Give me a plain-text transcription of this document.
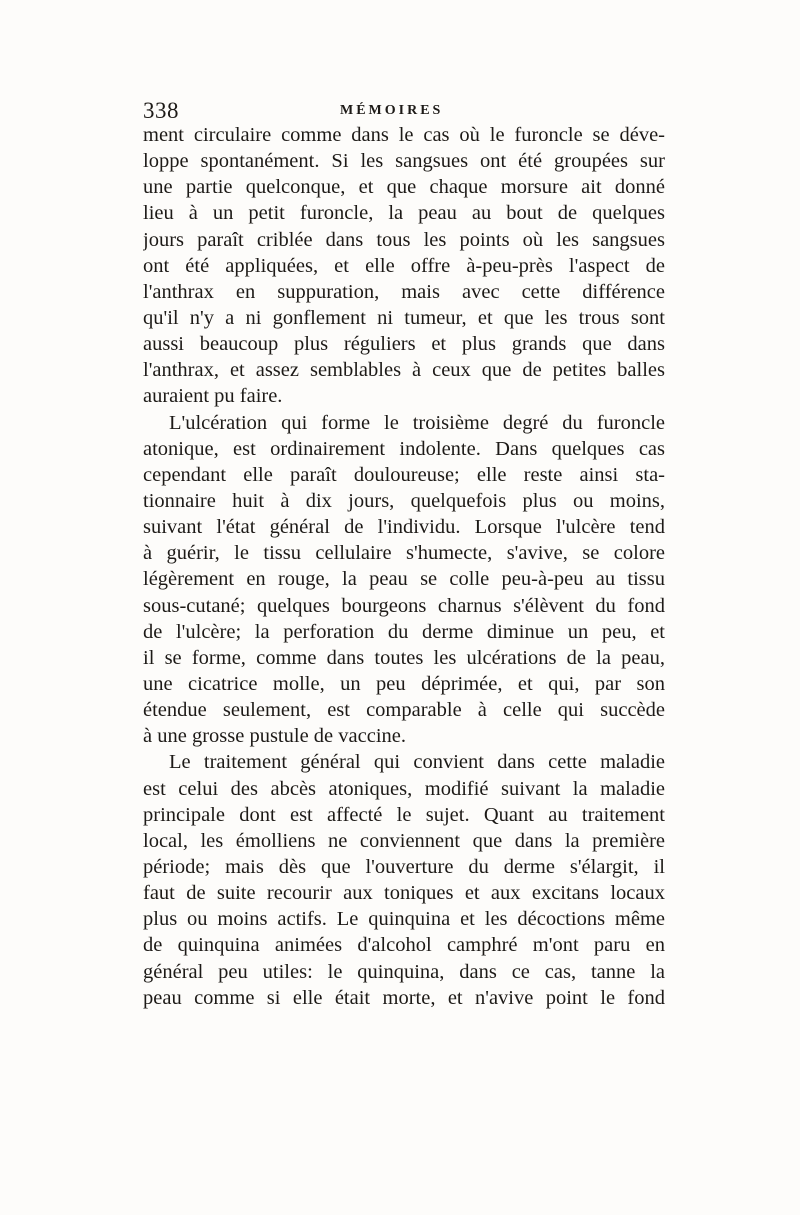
338	MÉMOIRES
ment circulaire comme dans le cas où le furoncle se déve-
loppe spontanément. Si les sangsues ont été groupées sur
une partie quelconque, et que chaque morsure ait donné
lieu à un petit furoncle, la peau au bout de quelques
jours paraît criblée dans tous les points où les sangsues
ont été appliquées, et elle offre à-peu-près l'aspect de
l'anthrax en suppuration, mais avec cette différence
qu'il n'y a ni gonflement ni tumeur, et que les trous sont
aussi beaucoup plus réguliers et plus grands que dans
l'anthrax, et assez semblables à ceux que de petites balles
auraient pu faire.
L'ulcération qui forme le troisième degré du furoncle
atonique, est ordinairement indolente. Dans quelques cas
cependant elle paraît douloureuse; elle reste ainsi sta-
tionnaire huit à dix jours, quelquefois plus ou moins,
suivant l'état général de l'individu. Lorsque l'ulcère tend
à guérir, le tissu cellulaire s'humecte, s'avive, se colore
légèrement en rouge, la peau se colle peu-à-peu au tissu
sous-cutané; quelques bourgeons charnus s'élèvent du fond
de l'ulcère; la perforation du derme diminue un peu, et
il se forme, comme dans toutes les ulcérations de la peau,
une cicatrice molle, un peu déprimée, et qui, par son
étendue seulement, est comparable à celle qui succède
à une grosse pustule de vaccine.
Le traitement général qui convient dans cette maladie
est celui des abcès atoniques, modifié suivant la maladie
principale dont est affecté le sujet. Quant au traitement
local, les émolliens ne conviennent que dans la première
période; mais dès que l'ouverture du derme s'élargit, il
faut de suite recourir aux toniques et aux excitans locaux
plus ou moins actifs. Le quinquina et les décoctions même
de quinquina animées d'alcohol camphré m'ont paru en
général peu utiles: le quinquina, dans ce cas, tanne la
peau comme si elle était morte, et n'avive point le fond
